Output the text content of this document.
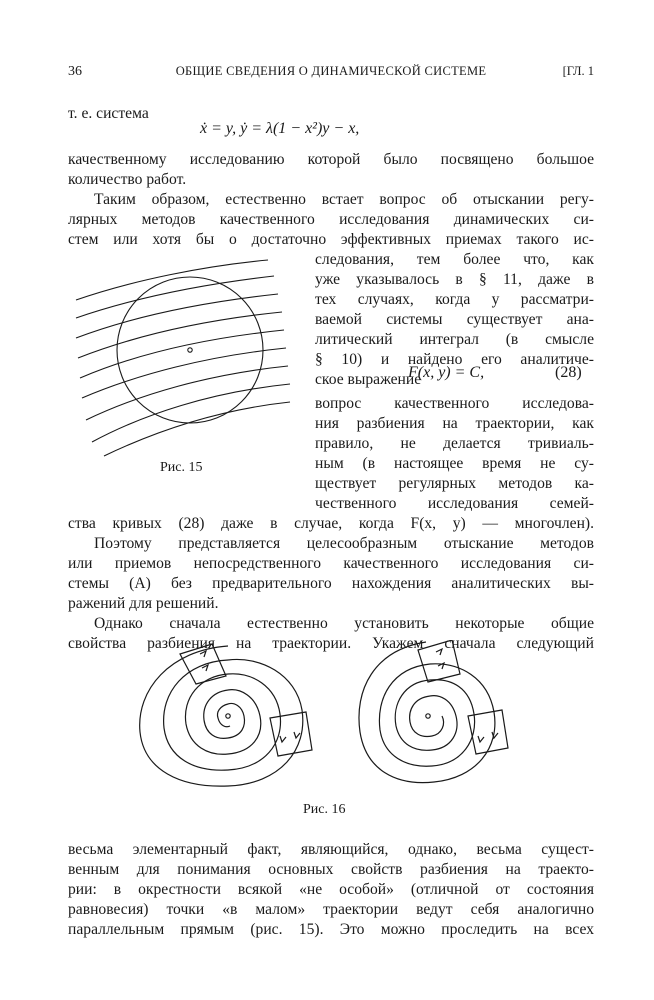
36	ОБЩИЕ СВЕДЕНИЯ О ДИНАМИЧЕСКОЙ СИСТЕМЕ	[ГЛ. 1
т. е. система
ẋ = y, ẏ = λ(1 − x²)y − x,
качественному исследованию которой было посвящено большое
количество работ.
Таким образом, естественно встает вопрос об отыскании регу-
лярных методов качественного исследования динамических си-
стем или хотя бы о достаточно эффективных приемах такого ис-
следования, тем более что, как
уже указывалось в § 11, даже в
тех случаях, когда у рассматри-
ваемой системы существует ана-
литический интеграл (в смысле
§ 10) и найдено его аналитиче-
ское выражение
F(x, y) = C,	(28)
вопрос качественного исследова-
ния разбиения на траектории, как
правило, не делается тривиаль-
ным (в настоящее время не су-
ществует регулярных методов ка-
чественного исследования семей-
Рис. 15
ства кривых (28) даже в случае, когда F(x, y) — многочлен).
Поэтому представляется целесообразным отыскание методов
или приемов непосредственного качественного исследования си-
стемы (А) без предварительного нахождения аналитических вы-
ражений для решений.
Однако сначала естественно установить некоторые общие
свойства разбиения на траектории. Укажем сначала следующий
Рис. 16
весьма элементарный факт, являющийся, однако, весьма сущест-
венным для понимания основных свойств разбиения на траекто-
рии: в окрестности всякой «не особой» (отличной от состояния
равновесия) точки «в малом» траектории ведут себя аналогично
параллельным прямым (рис. 15). Это можно проследить на всех
